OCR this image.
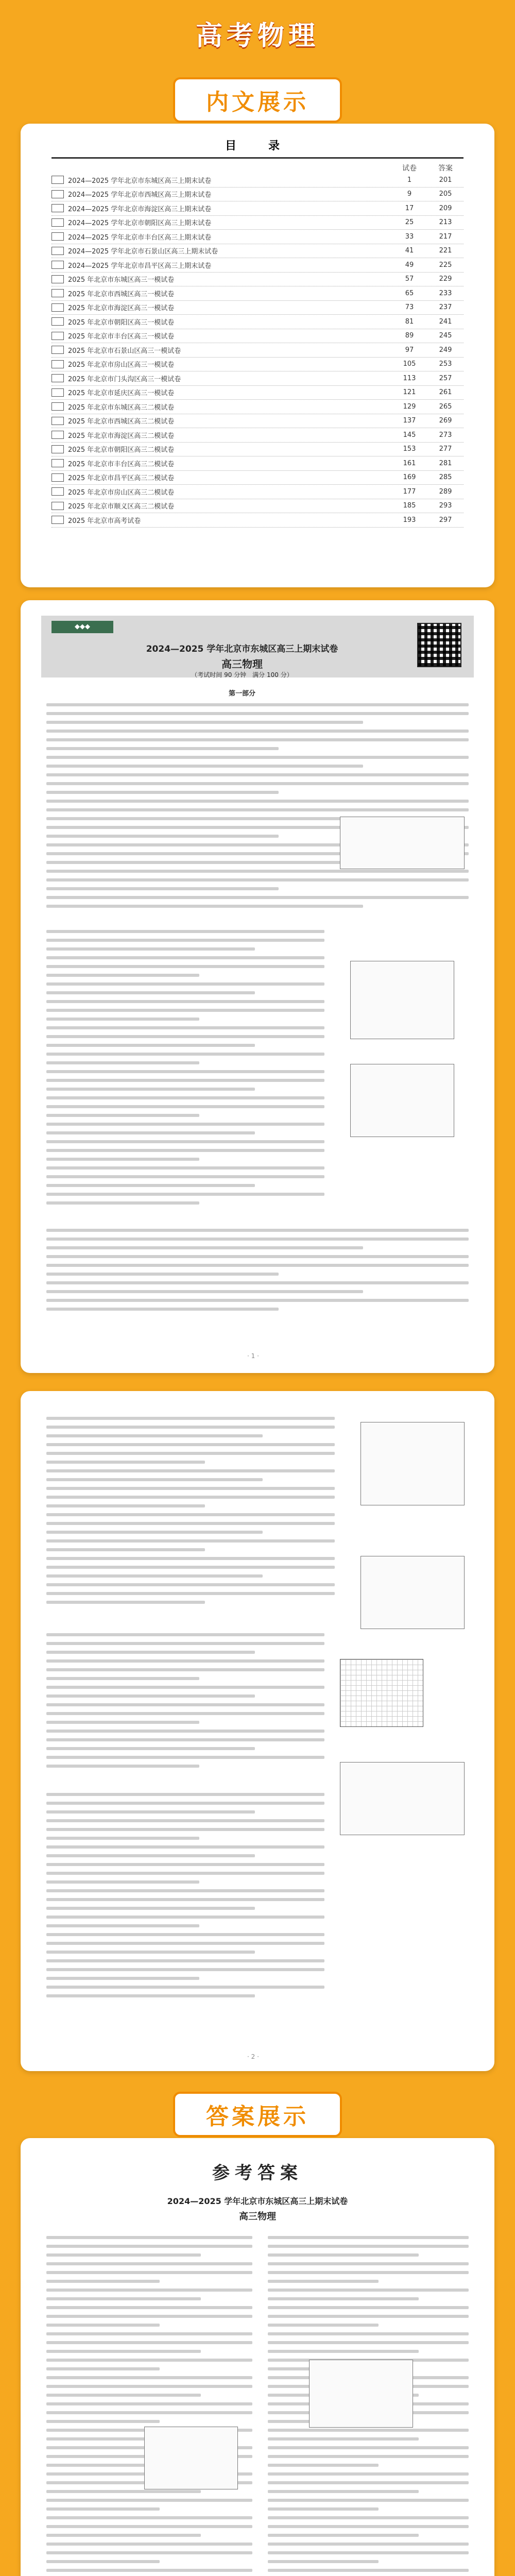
高考物理
内文展示
目　录
试卷	答案
2024—2025 学年北京市东城区高三上期末试卷	1	201
2024—2025 学年北京市西城区高三上期末试卷	9	205
2024—2025 学年北京市海淀区高三上期末试卷	17	209
2024—2025 学年北京市朝阳区高三上期末试卷	25	213
2024—2025 学年北京市丰台区高三上期末试卷	33	217
2024—2025 学年北京市石景山区高三上期末试卷	41	221
2024—2025 学年北京市昌平区高三上期末试卷	49	225
2025 年北京市东城区高三一模试卷	57	229
2025 年北京市西城区高三一模试卷	65	233
2025 年北京市海淀区高三一模试卷	73	237
2025 年北京市朝阳区高三一模试卷	81	241
2025 年北京市丰台区高三一模试卷	89	245
2025 年北京市石景山区高三一模试卷	97	249
2025 年北京市房山区高三一模试卷	105	253
2025 年北京市门头沟区高三一模试卷	113	257
2025 年北京市延庆区高三一模试卷	121	261
2025 年北京市东城区高三二模试卷	129	265
2025 年北京市西城区高三二模试卷	137	269
2025 年北京市海淀区高三二模试卷	145	273
2025 年北京市朝阳区高三二模试卷	153	277
2025 年北京市丰台区高三二模试卷	161	281
2025 年北京市昌平区高三二模试卷	169	285
2025 年北京市房山区高三二模试卷	177	289
2025 年北京市顺义区高三二模试卷	185	293
2025 年北京市高考试卷	193	297
◆◆◆
2024—2025 学年北京市东城区高三上期末试卷
高三物理
（考试时间 90 分钟　满分 100 分）
第一部分
· 1 ·
· 2 ·
答案展示
参考答案
2024—2025 学年北京市东城区高三上期末试卷
高三物理
